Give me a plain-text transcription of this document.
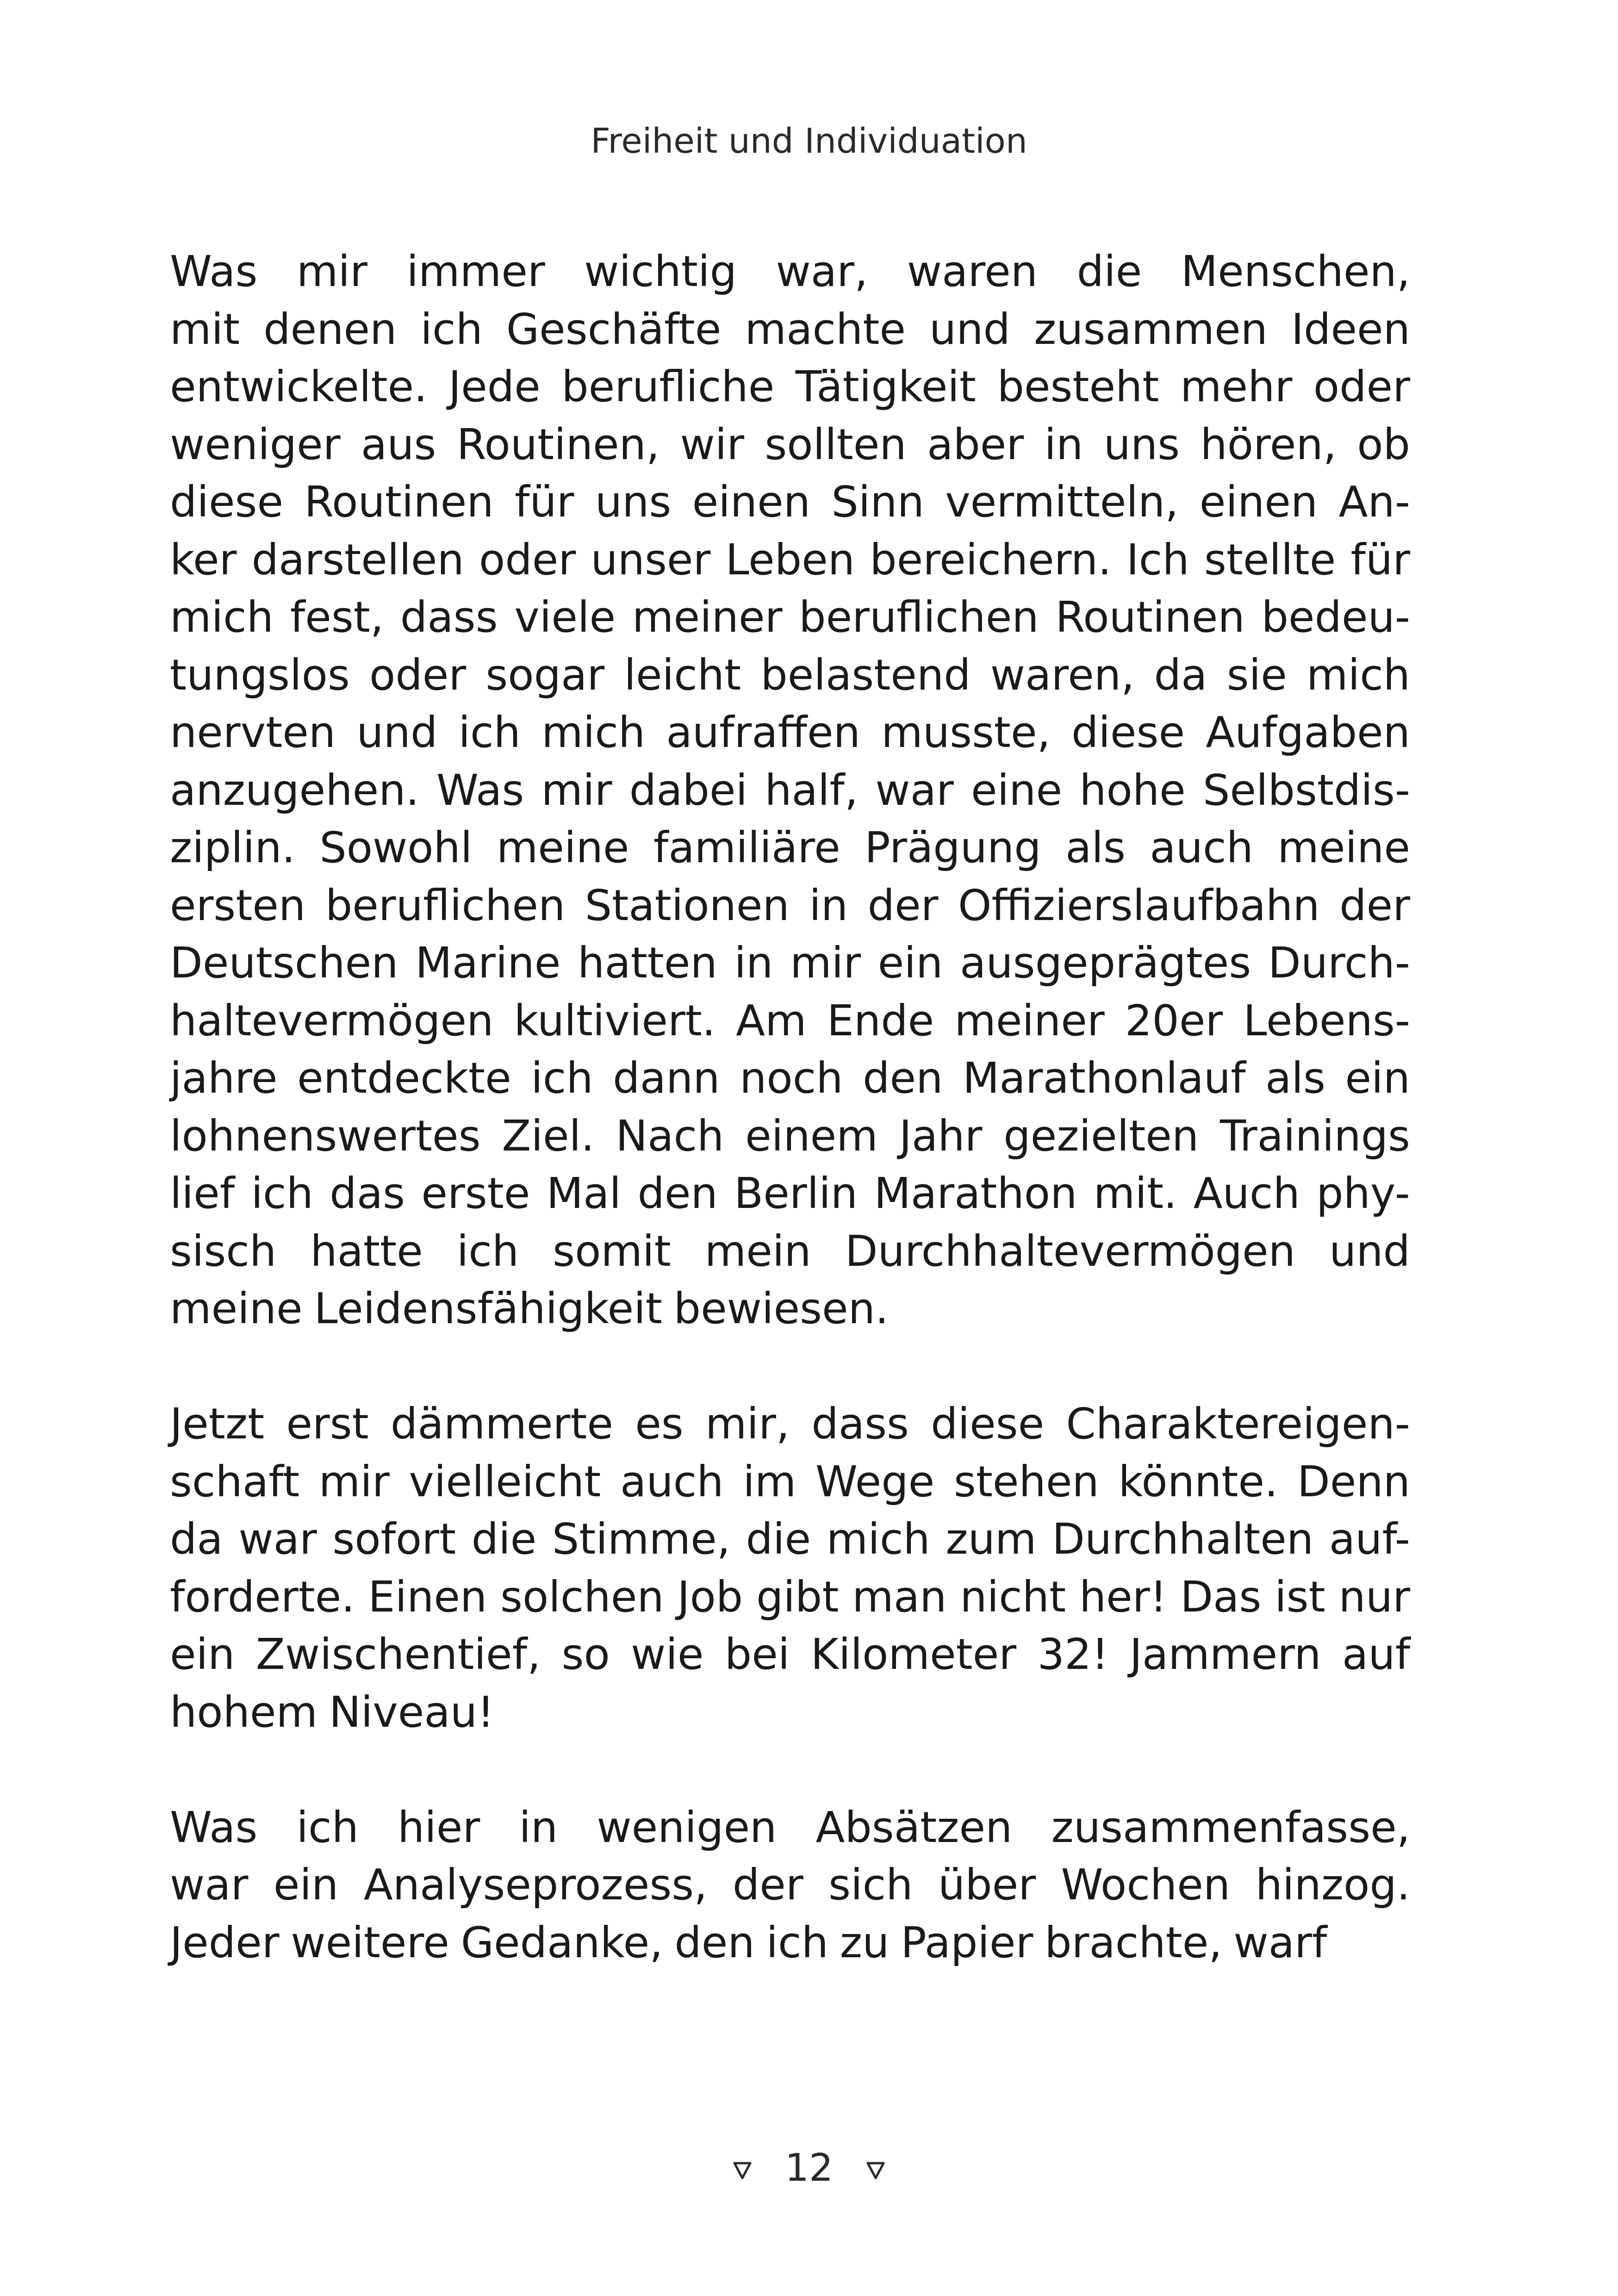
Freiheit und Individuation
Was mir immer wichtig war, waren die Menschen,
mit denen ich Geschäfte machte und zusammen Ideen
entwickelte. Jede berufliche Tätigkeit besteht mehr oder
weniger aus Routinen, wir sollten aber in uns hören, ob
diese Routinen für uns einen Sinn vermitteln, einen An-
ker darstellen oder unser Leben bereichern. Ich stellte für
mich fest, dass viele meiner beruflichen Routinen bedeu-
tungslos oder sogar leicht belastend waren, da sie mich
nervten und ich mich aufraffen musste, diese Aufgaben
anzugehen. Was mir dabei half, war eine hohe Selbstdis-
ziplin. Sowohl meine familiäre Prägung als auch meine
ersten beruflichen Stationen in der Offizierslaufbahn der
Deutschen Marine hatten in mir ein ausgeprägtes Durch-
haltevermögen kultiviert. Am Ende meiner 20er Lebens-
jahre entdeckte ich dann noch den Marathonlauf als ein
lohnenswertes Ziel. Nach einem Jahr gezielten Trainings
lief ich das erste Mal den Berlin Marathon mit. Auch phy-
sisch hatte ich somit mein Durchhaltevermögen und
meine Leidensfähigkeit bewiesen.
Jetzt erst dämmerte es mir, dass diese Charaktereigen-
schaft mir vielleicht auch im Wege stehen könnte. Denn
da war sofort die Stimme, die mich zum Durchhalten auf-
forderte. Einen solchen Job gibt man nicht her! Das ist nur
ein Zwischentief, so wie bei Kilometer 32! Jammern auf
hohem Niveau!
Was ich hier in wenigen Absätzen zusammenfasse,
war ein Analyseprozess, der sich über Wochen hinzog.
Jeder weitere Gedanke, den ich zu Papier brachte, warf
12
